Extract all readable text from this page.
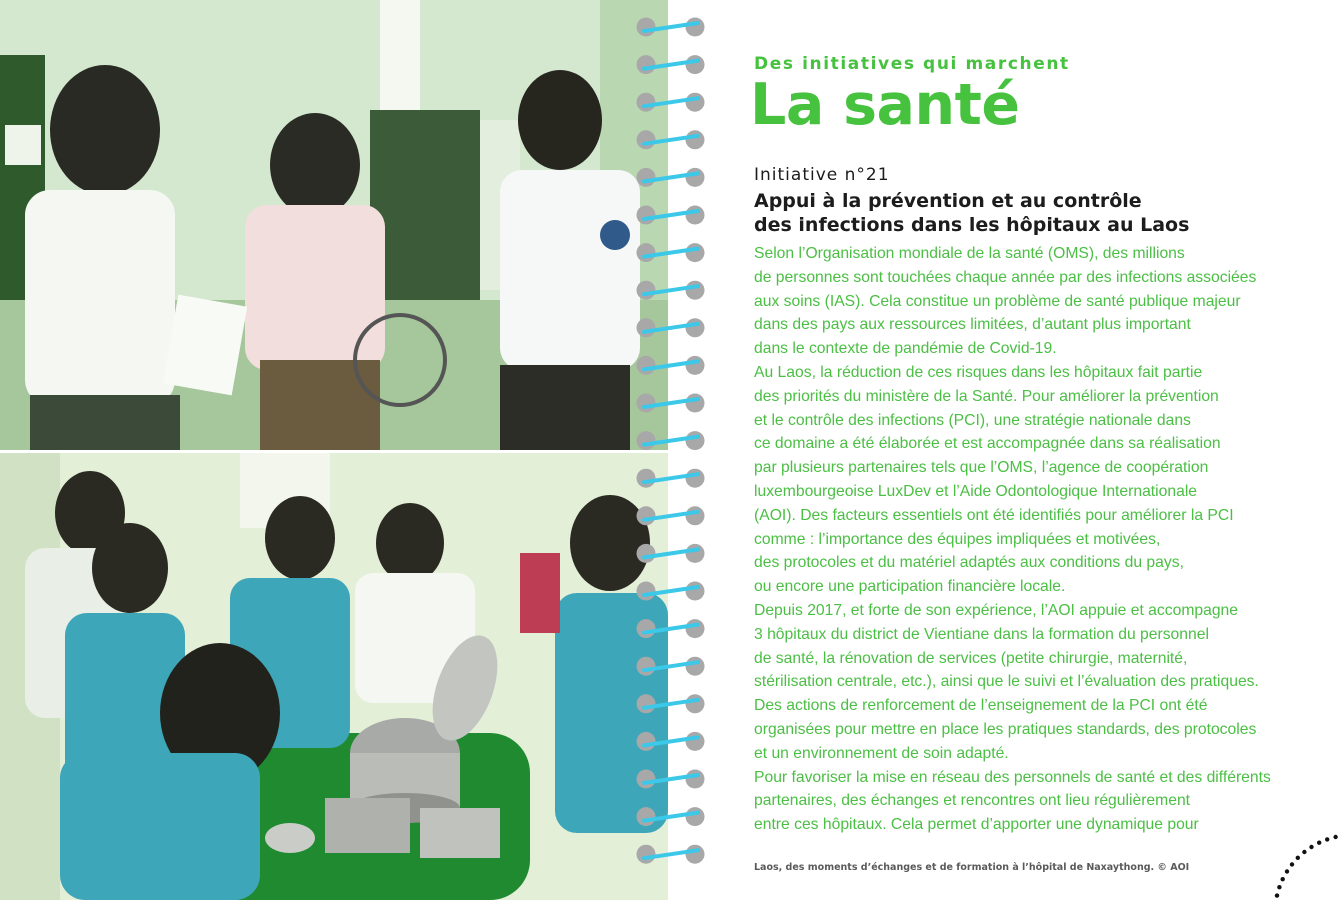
Des initiatives qui marchent

La santé

Initiative n°21

Appui à la prévention et au contrôle
des infections dans les hôpitaux au Laos
Selon l’Organisation mondiale de la santé (OMS), des millions
de personnes sont touchées chaque année par des infections associées
aux soins (IAS). Cela constitue un problème de santé publique majeur
dans des pays aux ressources limitées, d’autant plus important
dans le contexte de pandémie de Covid-19.
Au Laos, la réduction de ces risques dans les hôpitaux fait partie
des priorités du ministère de la Santé. Pour améliorer la prévention
et le contrôle des infections (PCI), une stratégie nationale dans
ce domaine a été élaborée et est accompagnée dans sa réalisation
par plusieurs partenaires tels que l’OMS, l’agence de coopération
luxembourgeoise LuxDev et l’Aide Odontologique Internationale
(AOI). Des facteurs essentiels ont été identifiés pour améliorer la PCI
comme : l’importance des équipes impliquées et motivées,
des protocoles et du matériel adaptés aux conditions du pays,
ou encore une participation financière locale.
Depuis 2017, et forte de son expérience, l’AOI appuie et accompagne
3 hôpitaux du district de Vientiane dans la formation du personnel
de santé, la rénovation de services (petite chirurgie, maternité,
stérilisation centrale, etc.), ainsi que le suivi et l’évaluation des pratiques.
Des actions de renforcement de l’enseignement de la PCI ont été
organisées pour mettre en place les pratiques standards, des protocoles
et un environnement de soin adapté.
Pour favoriser la mise en réseau des personnels de santé et des différents
partenaires, des échanges et rencontres ont lieu régulièrement
entre ces hôpitaux. Cela permet d’apporter une dynamique pour

Laos, des moments d’échanges et de formation à l’hôpital de Naxaythong. © AOI
